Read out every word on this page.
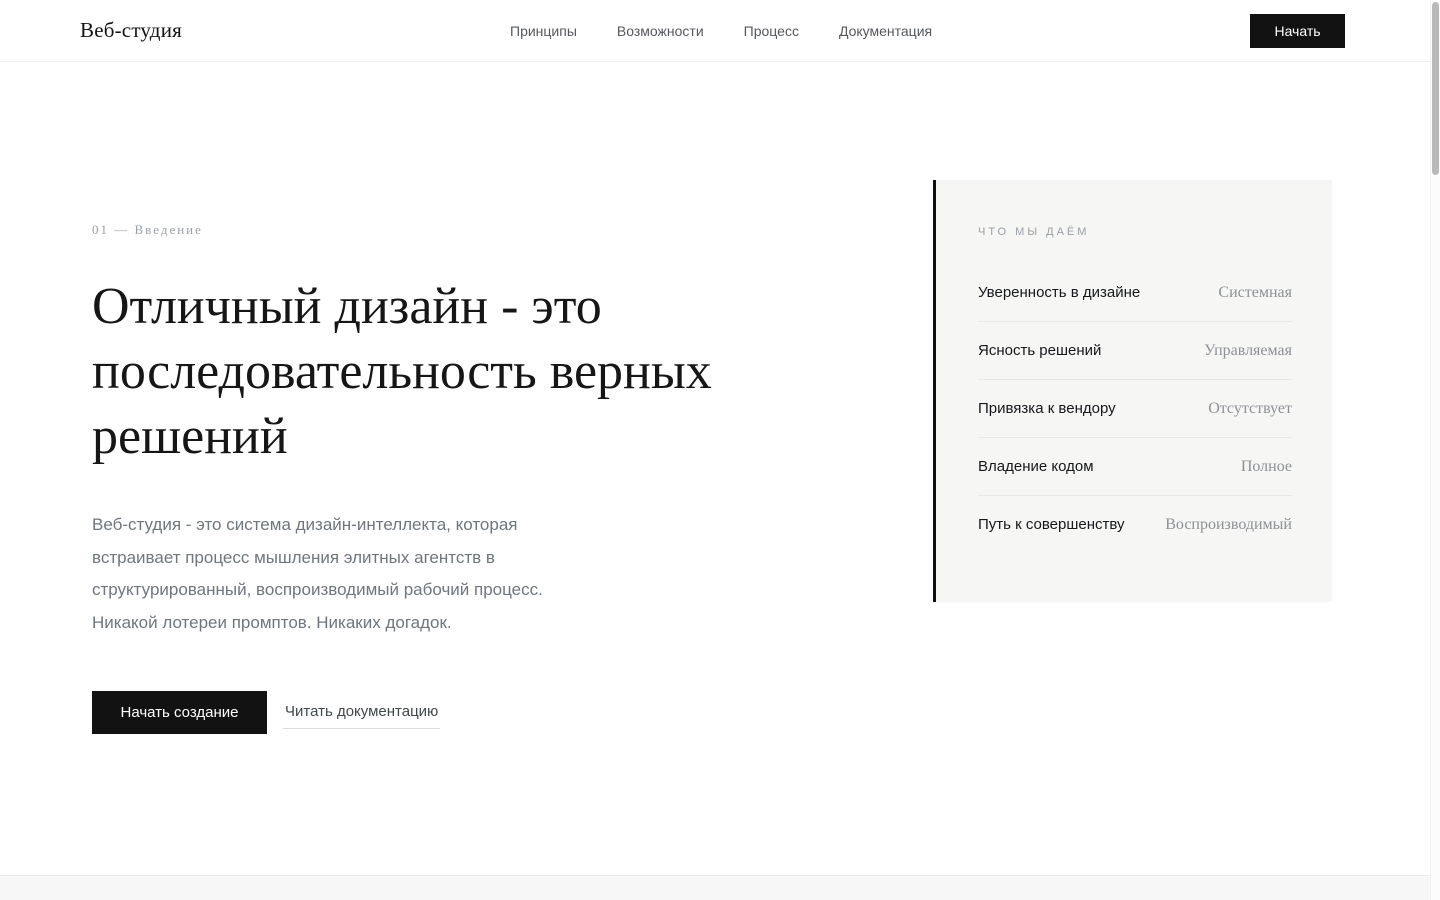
Веб-студия	Принципы	Возможности	Процесс	Документация	Начать
01 — Введение
Отличный дизайн - это последовательность верных решений

Веб-студия - это система дизайн-интеллекта, которая встраивает процесс мышления элитных агентств в структурированный, воспроизводимый рабочий процесс. Никакой лотереи промптов. Никаких догадок.

Начать создание	Читать документацию
ЧТО МЫ ДАЁМ
Уверенность в дизайне	Системная
Ясность решений	Управляемая
Привязка к вендору	Отсутствует
Владение кодом	Полное
Путь к совершенству	Воспроизводимый
